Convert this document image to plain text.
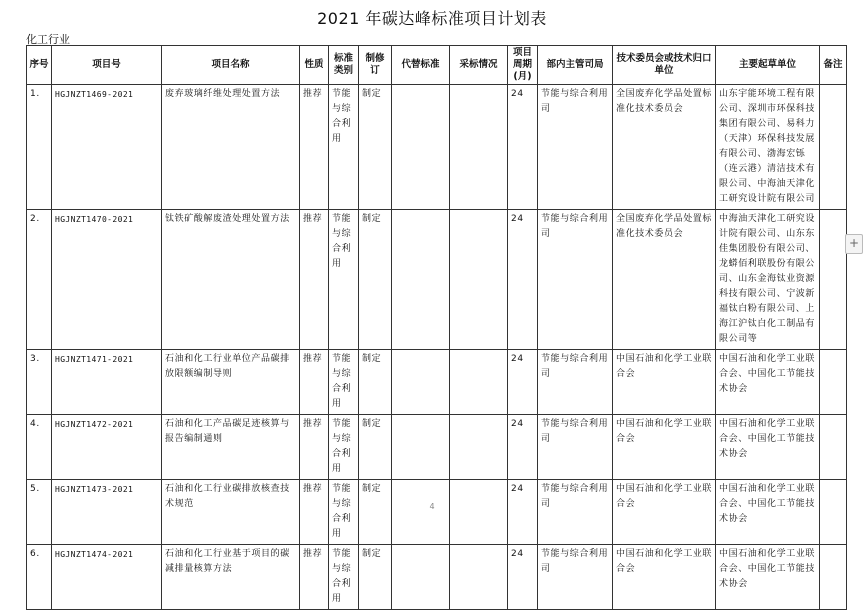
2021 年碳达峰标准项目计划表
化工行业
序号	项目号	项目名称	性质	标准类别	制修订	代替标准	采标情况	项目周期(月)	部内主管司局	技术委员会或技术归口单位	主要起草单位	备注
1.	HGJNZT1469-2021	废弃玻璃纤维处理处置方法	推荐	节能与综合利用	制定			24	节能与综合利用司	全国废弃化学品处置标准化技术委员会	山东宇能环境工程有限公司、深圳市环保科技集团有限公司、易科力（天津）环保科技发展有限公司、渤海宏铄（连云港）清洁技术有限公司、中海油天津化工研究设计院有限公司	
2.	HGJNZT1470-2021	钛铁矿酸解废渣处理处置方法	推荐	节能与综合利用	制定			24	节能与综合利用司	全国废弃化学品处置标准化技术委员会	中海油天津化工研究设计院有限公司、山东东佳集团股份有限公司、龙蟒佰利联股份有限公司、山东金海钛业资源科技有限公司、宁波新福钛白粉有限公司、上海江沪钛白化工制品有限公司等	
3.	HGJNZT1471-2021	石油和化工行业单位产品碳排放限额编制导则	推荐	节能与综合利用	制定			24	节能与综合利用司	中国石油和化学工业联合会	中国石油和化学工业联合会、中国化工节能技术协会	
4.	HGJNZT1472-2021	石油和化工产品碳足迹核算与报告编制通则	推荐	节能与综合利用	制定			24	节能与综合利用司	中国石油和化学工业联合会	中国石油和化学工业联合会、中国化工节能技术协会	
5.	HGJNZT1473-2021	石油和化工行业碳排放核查技术规范	推荐	节能与综合利用	制定			24	节能与综合利用司	中国石油和化学工业联合会	中国石油和化学工业联合会、中国化工节能技术协会	
6.	HGJNZT1474-2021	石油和化工行业基于项目的碳减排量核算方法	推荐	节能与综合利用	制定			24	节能与综合利用司	中国石油和化学工业联合会	中国石油和化学工业联合会、中国化工节能技术协会	
4
+
